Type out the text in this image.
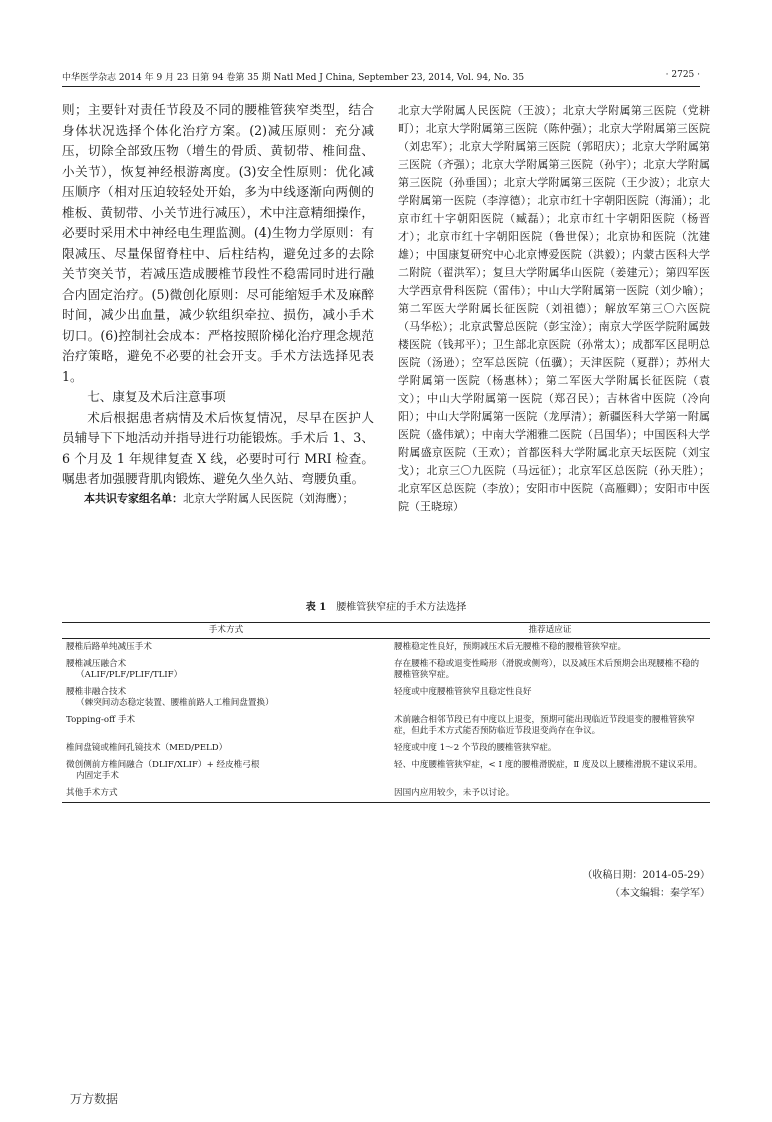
中华医学杂志 2014 年 9 月 23 日第 94 卷第 35 期 Natl Med J China, September 23, 2014, Vol. 94, No. 35	· 2725 ·

则；主要针对责任节段及不同的腰椎管狭窄类型，结合身体状况选择个体化治疗方案。(2)减压原则：充分减压，切除全部致压物（增生的骨质、黄韧带、椎间盘、小关节），恢复神经根游离度。(3)安全性原则：优化减压顺序（相对压迫较轻处开始，多为中线逐渐向两侧的椎板、黄韧带、小关节进行减压），术中注意精细操作，必要时采用术中神经电生理监测。(4)生物力学原则：有限减压、尽量保留脊柱中、后柱结构，避免过多的去除关节突关节，若减压造成腰椎节段性不稳需同时进行融合内固定治疗。(5)微创化原则：尽可能缩短手术及麻醉时间，减少出血量，减少软组织牵拉、损伤，减小手术切口。(6)控制社会成本：严格按照阶梯化治疗理念规范治疗策略，避免不必要的社会开支。手术方法选择见表1。

七、康复及术后注意事项

术后根据患者病情及术后恢复情况，尽早在医护人员辅导下下地活动并指导进行功能锻炼。手术后 1、3、6 个月及 1 年规律复查 X 线，必要时可行 MRI 检查。嘱患者加强腰背肌肉锻炼、避免久坐久站、弯腰负重。

本共识专家组名单：北京大学附属人民医院（刘海鹰）；

北京大学附属人民医院（王波）；北京大学附属第三医院（党耕町）；北京大学附属第三医院（陈仲强）；北京大学附属第三医院（刘忠军）；北京大学附属第三医院（郭昭庆）；北京大学附属第三医院（齐强）；北京大学附属第三医院（孙宇）；北京大学附属第三医院（孙垂国）；北京大学附属第三医院（王少波）；北京大学附属第一医院（李淳德）；北京市红十字朝阳医院（海涌）；北京市红十字朝阳医院（臧磊）；北京市红十字朝阳医院（杨晋才）；北京市红十字朝阳医院（鲁世保）；北京协和医院（沈建雄）；中国康复研究中心北京博爱医院（洪毅）；内蒙古医科大学二附院（翟洪军）；复旦大学附属华山医院（姜建元）；第四军医大学西京骨科医院（雷伟）；中山大学附属第一医院（刘少喻）；第二军医大学附属长征医院（刘祖德）；解放军第三〇六医院（马华松）；北京武警总医院（彭宝淦）；南京大学医学院附属鼓楼医院（钱邦平）；卫生部北京医院（孙常太）；成都军区昆明总医院（汤逊）；空军总医院（伍骥）；天津医院（夏群）；苏州大学附属第一医院（杨惠林）；第二军医大学附属长征医院（袁文）；中山大学附属第一医院（郑召民）；吉林省中医院（冷向阳）；中山大学附属第一医院（龙厚清）；新疆医科大学第一附属医院（盛伟斌）；中南大学湘雅二医院（吕国华）；中国医科大学附属盛京医院（王欢）；首都医科大学附属北京天坛医院（刘宝戈）；北京三〇九医院（马远征）；北京军区总医院（孙天胜）；北京军区总医院（李放）；安阳市中医院（高雁卿）；安阳市中医院（王晓琼）
表 1 腰椎管狭窄症的手术方法选择
手术方式	推荐适应证
腰椎后路单纯减压手术	腰椎稳定性良好，预期减压术后无腰椎不稳的腰椎管狭窄症。
腰椎减压融合术
（ALIF/PLF/PLIF/TLIF）	存在腰椎不稳或退变性畸形（滑脱或侧弯），以及减压术后预期会出现腰椎不稳的腰椎管狭窄症。
腰椎非融合技术
（棘突间动态稳定装置、腰椎前路人工椎间盘置换）	轻度或中度腰椎管狭窄且稳定性良好
Topping-off 手术	术前融合相邻节段已有中度以上退变，预期可能出现临近节段退变的腰椎管狭窄症，但此手术方式能否预防临近节段退变尚存在争议。
椎间盘镜或椎间孔镜技术（MED/PELD）	轻度或中度 1～2 个节段的腰椎管狭窄症。
微创侧前方椎间融合（DLIF/XLIF）+ 经皮椎弓根
内固定手术	轻、中度腰椎管狭窄症，< Ⅰ 度的腰椎滑脱症，Ⅱ 度及以上腰椎滑脱不建议采用。
其他手术方式	因国内应用较少，未予以讨论。
（收稿日期：2014-05-29）
（本文编辑：秦学军）
万方数据
